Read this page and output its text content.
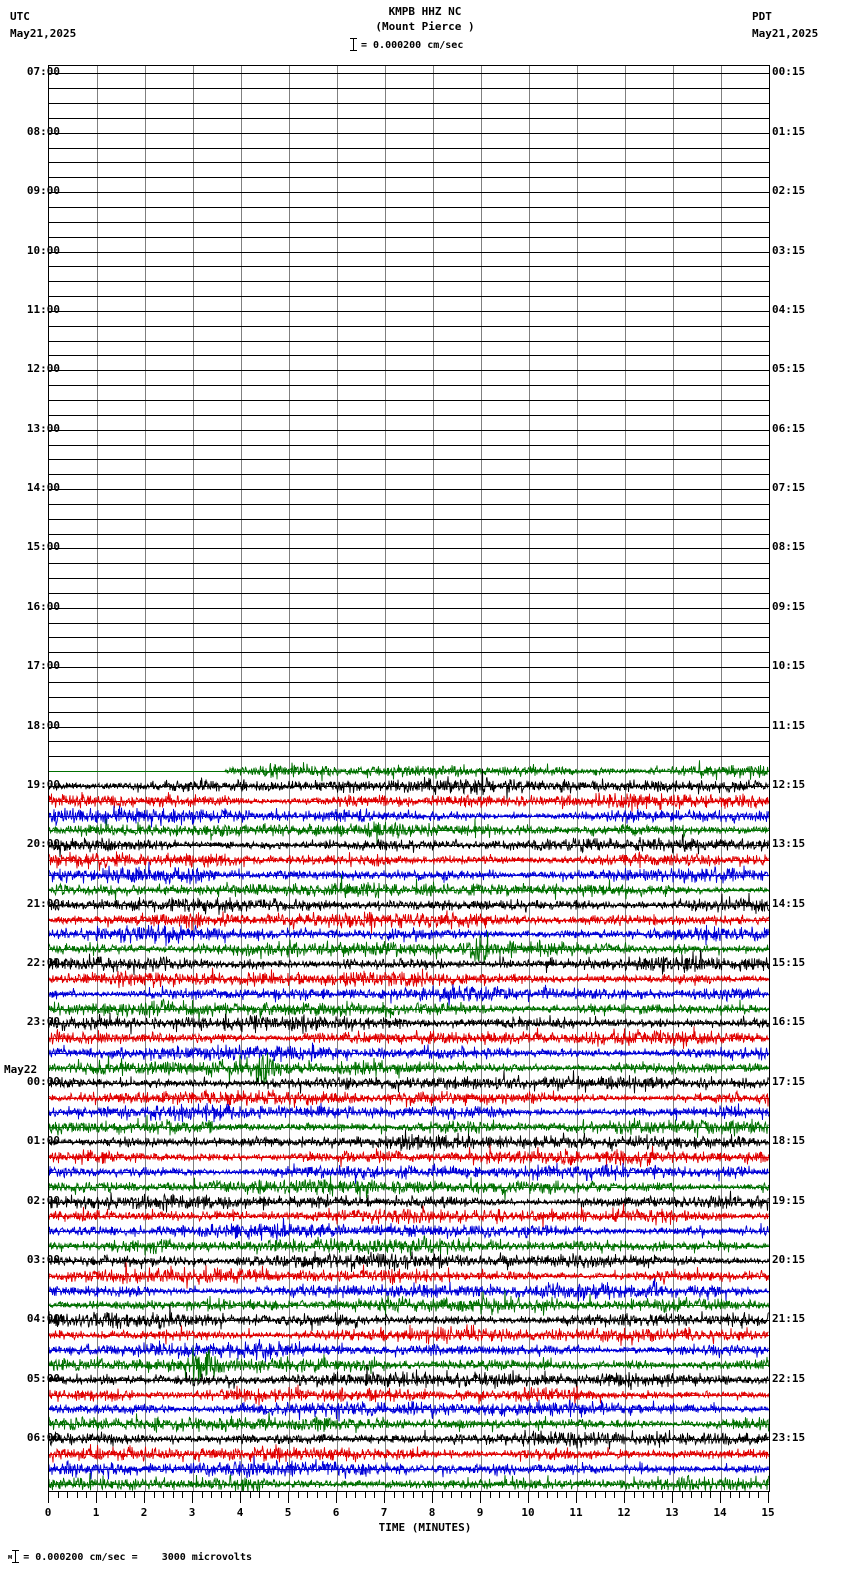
UTC
May21,2025
KMPB HHZ NC
(Mount Pierce )
= 0.000200 cm/sec
PDT
May21,2025
07:00	00:15
08:00	01:15
09:00	02:15
10:00	03:15
11:00	04:15
12:00	05:15
13:00	06:15
14:00	07:15
15:00	08:15
16:00	09:15
17:00	10:15
18:00	11:15
19:00	12:15
20:00	13:15
21:00	14:15
22:00	15:15
23:00	16:15
00:00	17:15
01:00	18:15
02:00	19:15
03:00	20:15
04:00	21:15
05:00	22:15
06:00	23:15
May22
0	1	2	3	4	5	6	7	8	9	10	11	12	13	14	15
TIME (MINUTES)
м = 0.000200 cm/sec =    3000 microvolts
